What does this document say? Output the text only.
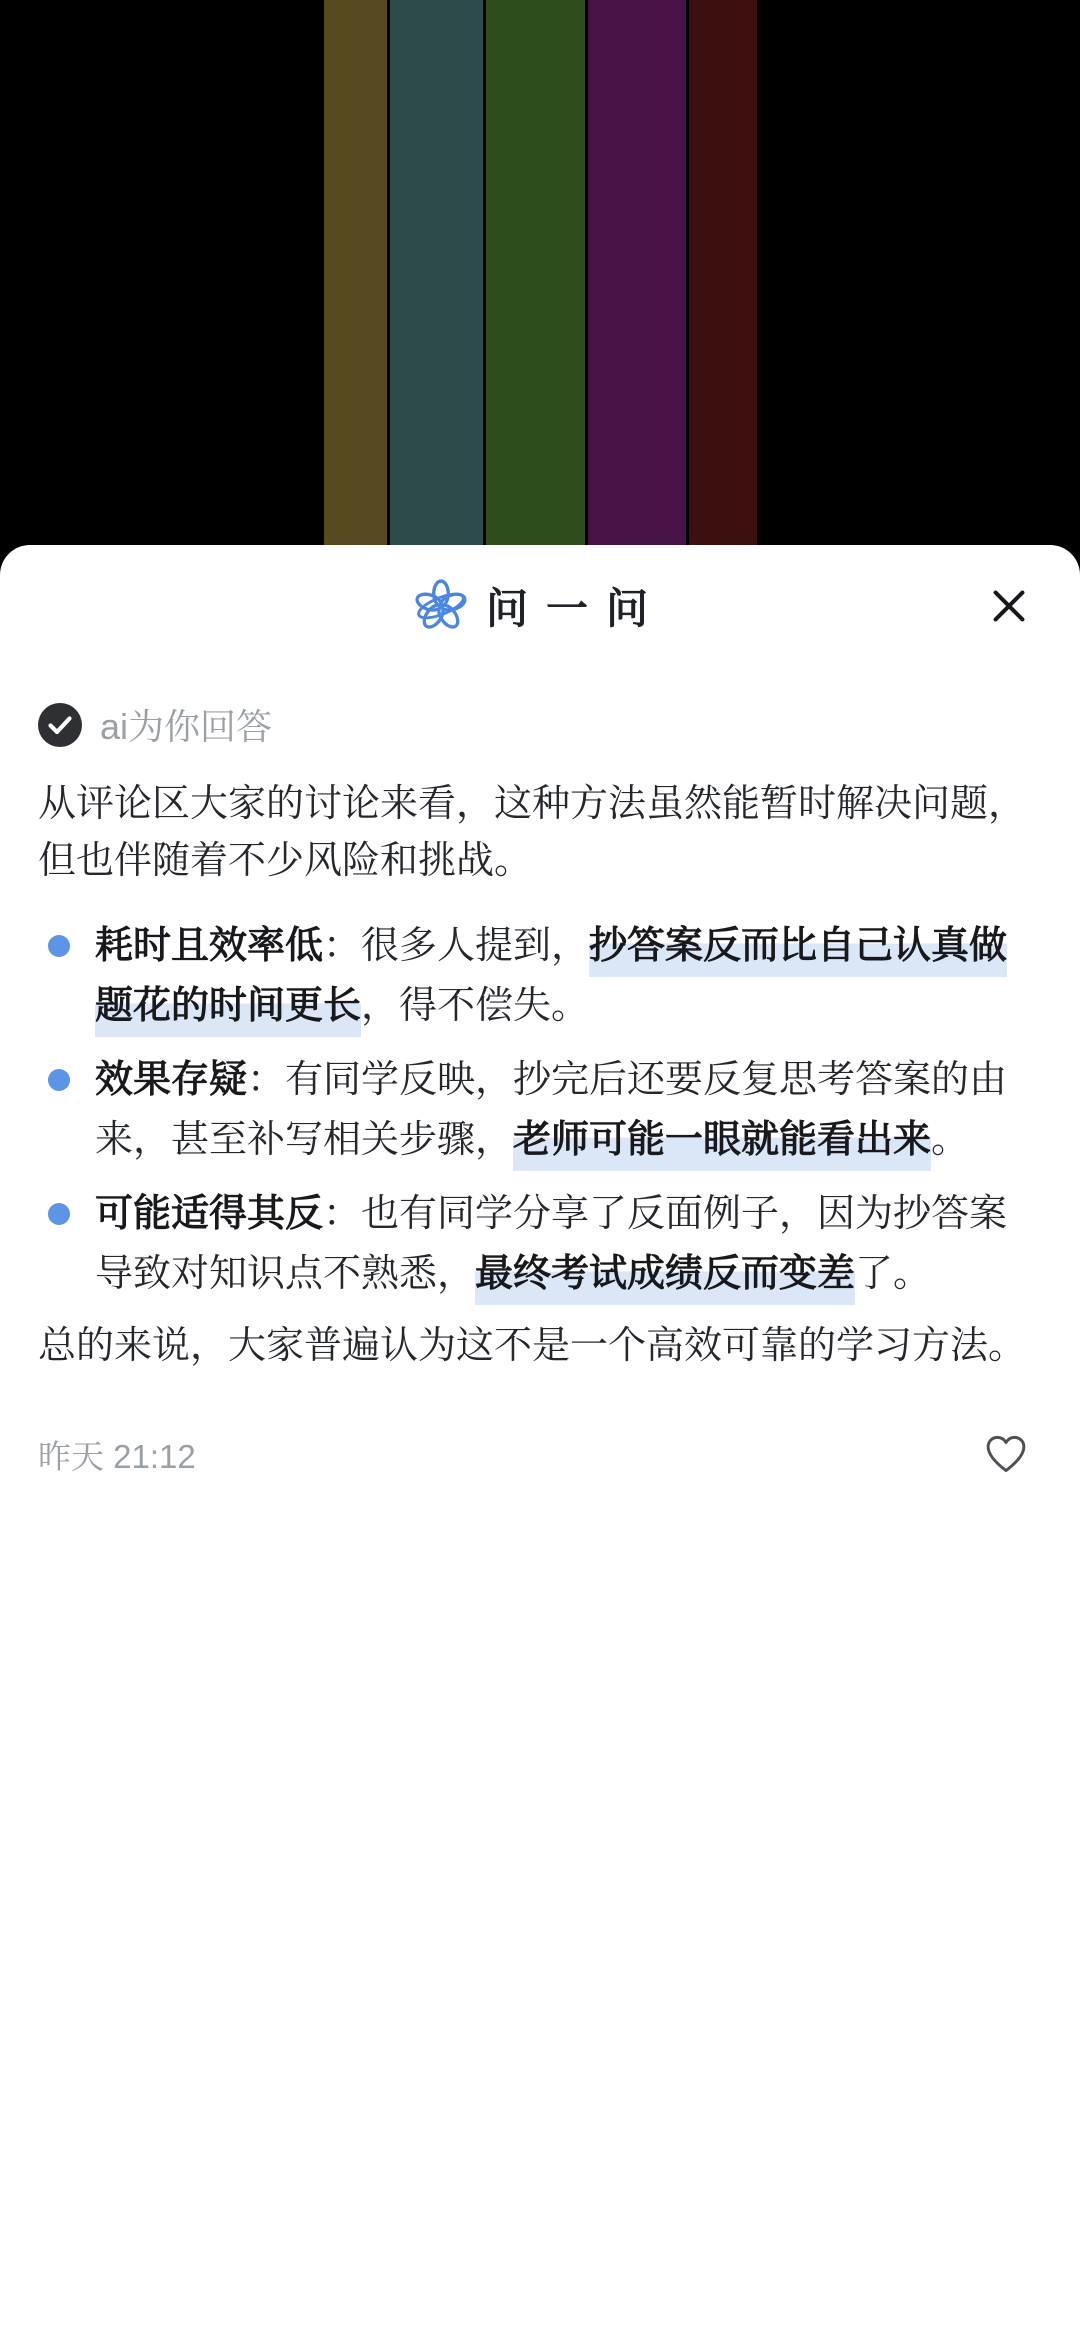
问一问
ai为你回答

从评论区大家的讨论来看，这种方法虽然能暂时解决问题，但也伴随着不少风险和挑战。

耗时且效率低：很多人提到，抄答案反而比自己认真做题花的时间更长，得不偿失。
效果存疑：有同学反映，抄完后还要反复思考答案的由来，甚至补写相关步骤，老师可能一眼就能看出来。
可能适得其反：也有同学分享了反面例子，因为抄答案导致对知识点不熟悉，最终考试成绩反而变差了。

总的来说，大家普遍认为这不是一个高效可靠的学习方法。

昨天 21:12
